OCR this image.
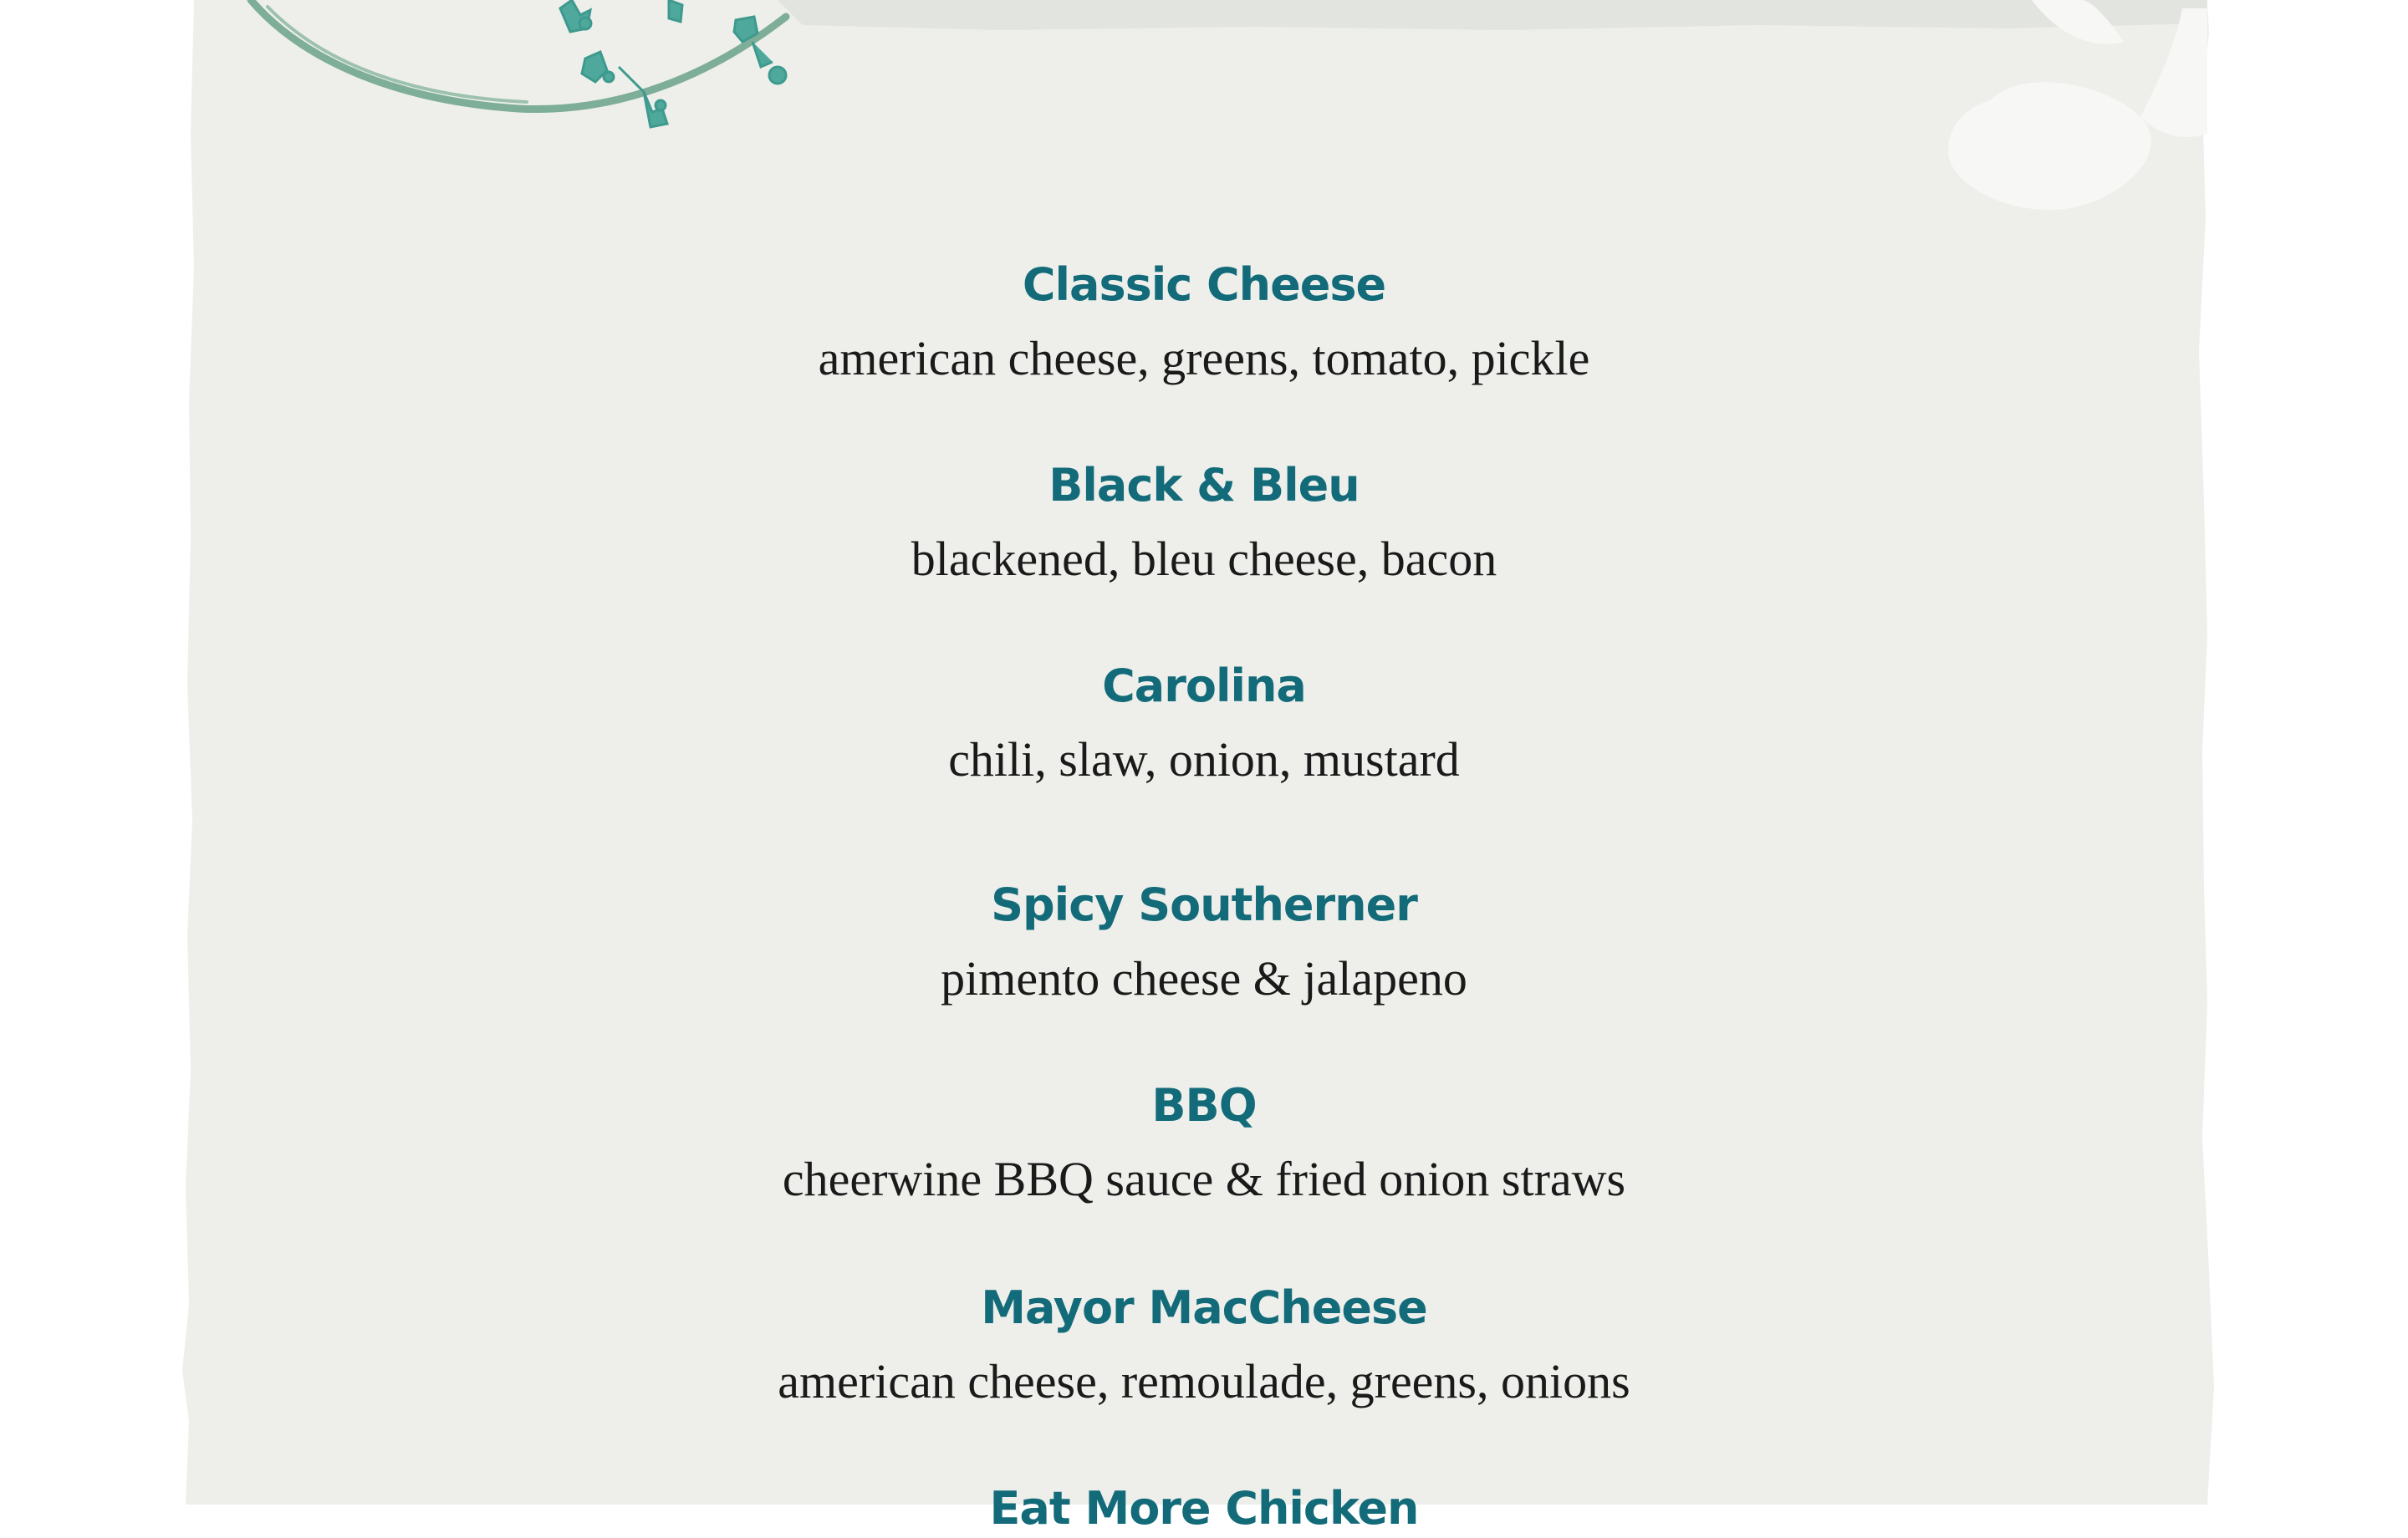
Classic Cheese
american cheese, greens, tomato, pickle
Black & Bleu
blackened, bleu cheese, bacon
Carolina
chili, slaw, onion, mustard
Spicy Southerner
pimento cheese & jalapeno
BBQ
cheerwine BBQ sauce & fried onion straws
Mayor MacCheese
american cheese, remoulade, greens, onions
Eat More Chicken
